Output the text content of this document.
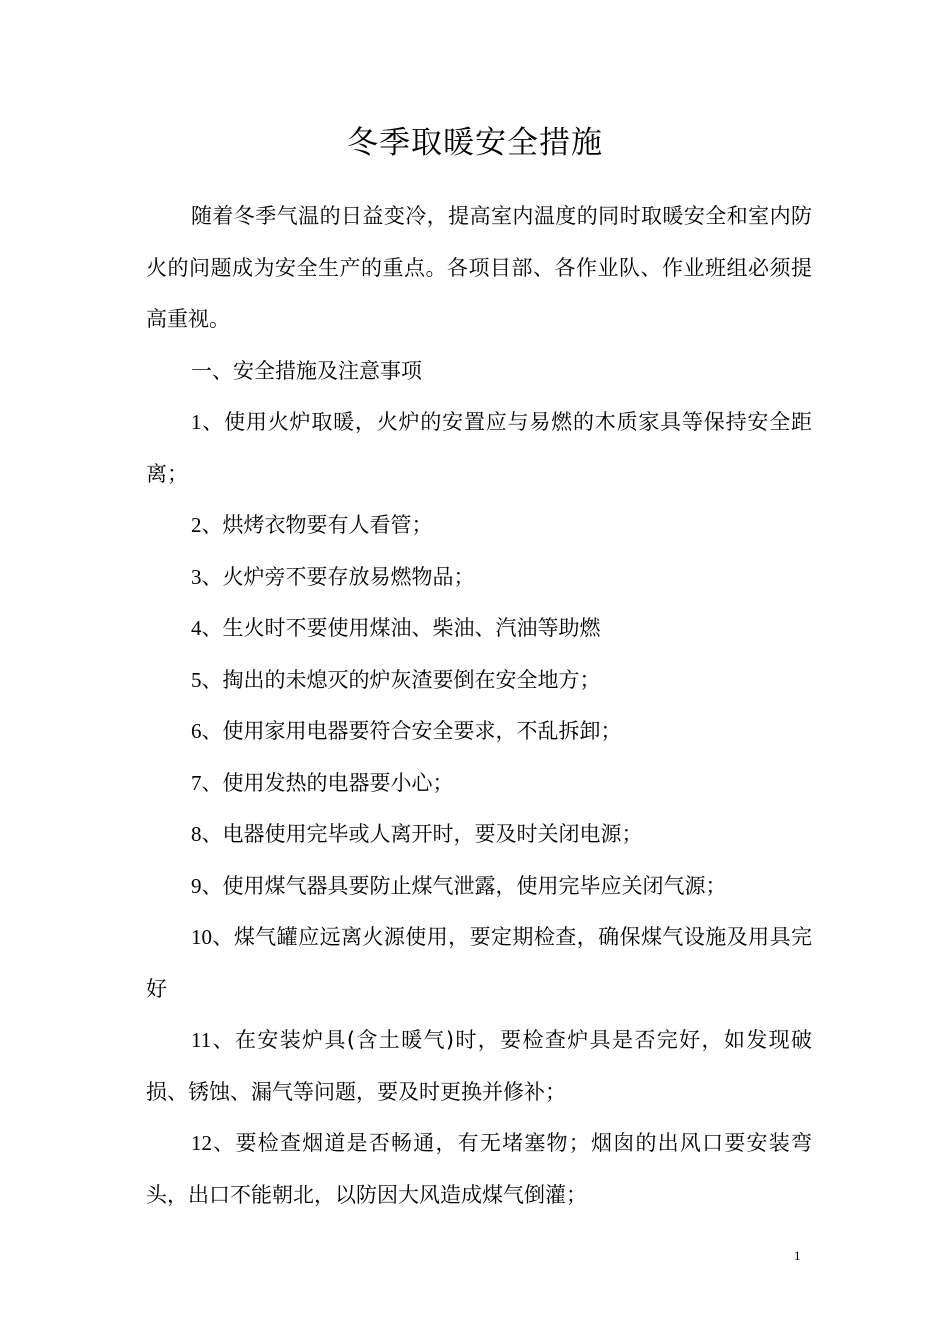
冬季取暖安全措施

随着冬季气温的日益变冷，提高室内温度的同时取暖安全和室内防火的问题成为安全生产的重点。各项目部、各作业队、作业班组必须提高重视。

一、安全措施及注意事项

1、使用火炉取暖，火炉的安置应与易燃的木质家具等保持安全距离；

2、烘烤衣物要有人看管；

3、火炉旁不要存放易燃物品；

4、生火时不要使用煤油、柴油、汽油等助燃

5、掏出的未熄灭的炉灰渣要倒在安全地方；

6、使用家用电器要符合安全要求，不乱拆卸；

7、使用发热的电器要小心；

8、电器使用完毕或人离开时，要及时关闭电源；

9、使用煤气器具要防止煤气泄露，使用完毕应关闭气源；

10、煤气罐应远离火源使用，要定期检查，确保煤气设施及用具完好

11、在安装炉具(含土暖气)时，要检查炉具是否完好，如发现破损、锈蚀、漏气等问题，要及时更换并修补；

12、要检查烟道是否畅通，有无堵塞物；烟囱的出风口要安装弯头，出口不能朝北，以防因大风造成煤气倒灌；

1
